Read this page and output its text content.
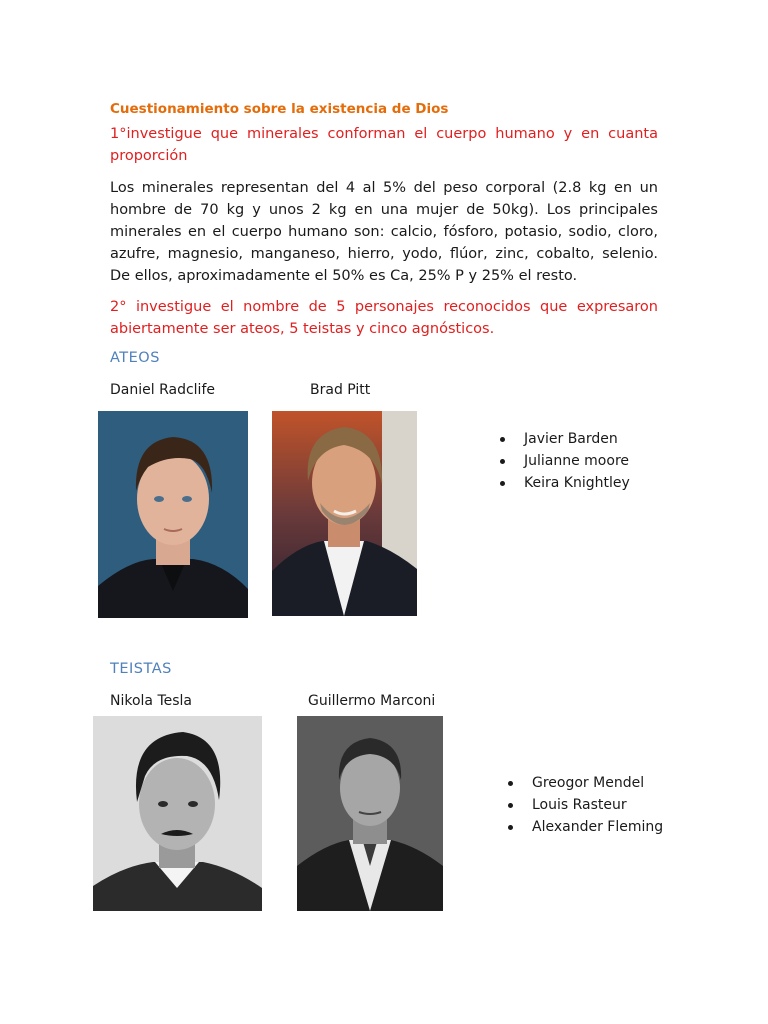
Cuestionamiento sobre la existencia de Dios
1°investigue que minerales conforman el cuerpo humano y en cuanta proporción
Los minerales representan del 4 al 5% del peso corporal (2.8 kg en un hombre de 70 kg y unos 2 kg en una mujer de 50kg). Los principales minerales en el cuerpo humano son: calcio, fósforo, potasio, sodio, cloro, azufre, magnesio, manganeso, hierro, yodo, flúor, zinc, cobalto, selenio. De ellos, aproximadamente el 50% es Ca, 25% P y 25% el resto.
2° investigue el nombre de 5 personajes reconocidos que expresaron abiertamente ser ateos, 5 teistas y cinco agnósticos.
ATEOS
Daniel Radclife	Brad Pitt
Javier Barden
Julianne moore
Keira Knightley
TEISTAS
Nikola Tesla	Guillermo Marconi
Greogor Mendel
Louis Rasteur
Alexander Fleming
